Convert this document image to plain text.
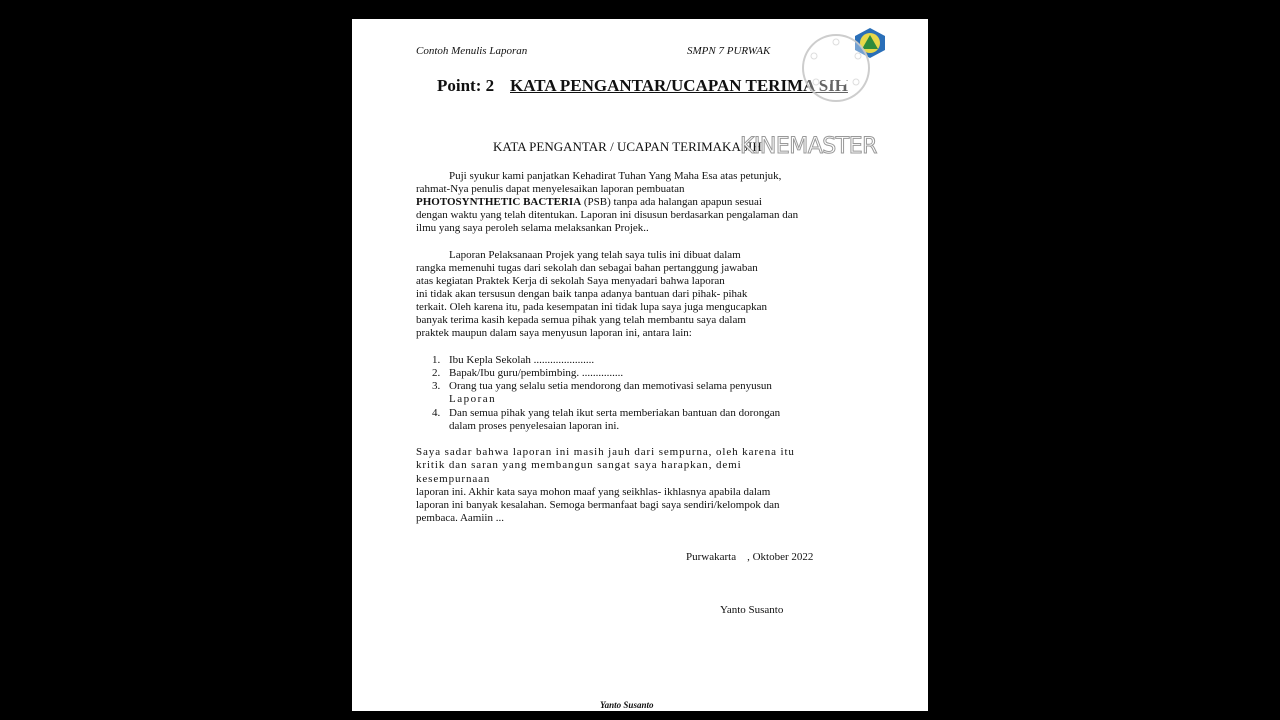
Contoh Menulis Laporan	SMPN 7 PURWAK
Point: 2 KATA PENGANTAR/UCAPAN TERIMA SIH
KATA PENGANTAR / UCAPAN TERIMAKASIH
Puji syukur kami panjatkan Kehadirat Tuhan Yang Maha Esa atas petunjuk,
rahmat-Nya penulis dapat menyelesaikan laporan pembuatan
PHOTOSYNTHETIC BACTERIA (PSB) tanpa ada halangan apapun sesuai
dengan waktu yang telah ditentukan. Laporan ini disusun berdasarkan pengalaman dan
ilmu yang saya peroleh selama melaksankan Projek..
Laporan Pelaksanaan Projek yang telah saya tulis ini dibuat dalam
rangka memenuhi tugas dari sekolah dan sebagai bahan pertanggung jawaban
atas kegiatan Praktek Kerja di sekolah Saya menyadari bahwa laporan
ini tidak akan tersusun dengan baik tanpa adanya bantuan dari pihak- pihak
terkait. Oleh karena itu, pada kesempatan ini tidak lupa saya juga mengucapkan
banyak terima kasih kepada semua pihak yang telah membantu saya dalam
praktek maupun dalam saya menyusun laporan ini, antara lain:
1. Ibu Kepla Sekolah ......................
2. Bapak/Ibu guru/pembimbing. ...............
3. Orang tua yang selalu setia mendorong dan memotivasi selama penyusun
Laporan
4. Dan semua pihak yang telah ikut serta memberiakan bantuan dan dorongan
dalam proses penyelesaian laporan ini.
Saya sadar bahwa laporan ini masih jauh dari sempurna, oleh karena itu
kritik dan saran yang membangun sangat saya harapkan, demi
kesempurnaan
laporan ini. Akhir kata saya mohon maaf yang seikhlas- ikhlasnya apabila dalam
laporan ini banyak kesalahan. Semoga bermanfaat bagi saya sendiri/kelompok dan
pembaca. Aamiin ...
Purwakarta    , Oktober 2022
Yanto Susanto
Yanto Susanto
KINEMASTER
